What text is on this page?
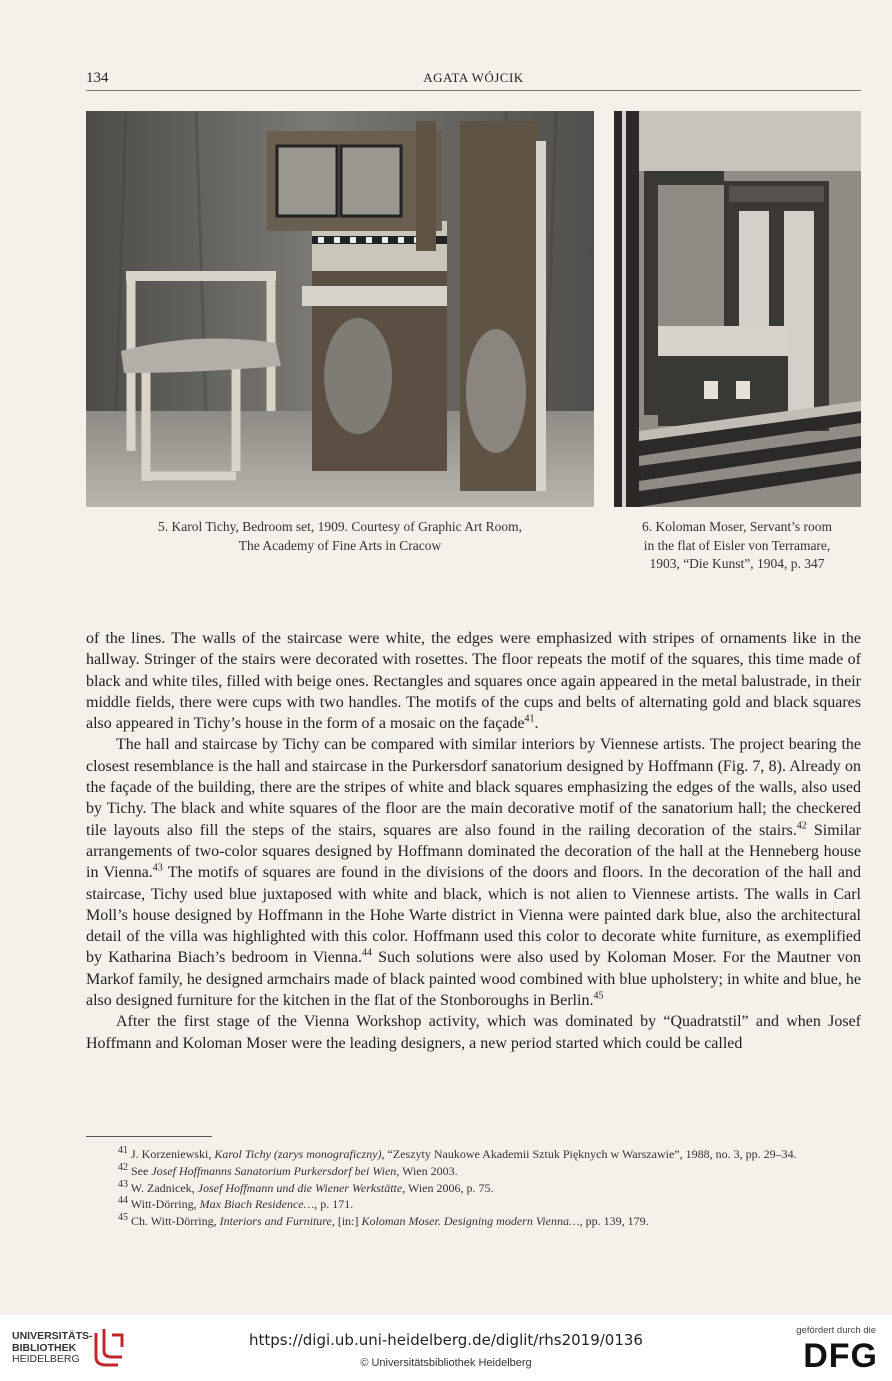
134	AGATA WÓJCIK
5. Karol Tichy, Bedroom set, 1909. Courtesy of Graphic Art Room,
The Academy of Fine Arts in Cracow
6. Koloman Moser, Servant’s room
in the flat of Eisler von Terramare,
1903, “Die Kunst”, 1904, p. 347

of the lines. The walls of the staircase were white, the edges were emphasized with stripes of ornaments like in the hallway. Stringer of the stairs were decorated with rosettes. The floor repeats the motif of the squares, this time made of black and white tiles, filled with beige ones. Rectangles and squares once again appeared in the metal balustrade, in their middle fields, there were cups with two handles. The motifs of the cups and belts of alternating gold and black squares also appeared in Tichy’s house in the form of a mosaic on the façade$^{41}$.

The hall and staircase by Tichy can be compared with similar interiors by Viennese artists. The project bearing the closest resemblance is the hall and staircase in the Purkersdorf sanatorium designed by Hoffmann (Fig. 7, 8). Already on the façade of the building, there are the stripes of white and black squares emphasizing the edges of the walls, also used by Tichy. The black and white squares of the floor are the main decorative motif of the sanatorium hall; the checkered tile layouts also fill the steps of the stairs, squares are also found in the railing decoration of the stairs.$^{42}$ Similar arrangements of two-color squares designed by Hoffmann dominated the decoration of the hall at the Henneberg house in Vienna.$^{43}$ The motifs of squares are found in the divisions of the doors and floors. In the decoration of the hall and staircase, Tichy used blue juxtaposed with white and black, which is not alien to Viennese artists. The walls in Carl Moll’s house designed by Hoffmann in the Hohe Warte district in Vienna were painted dark blue, also the architectural detail of the villa was highlighted with this color. Hoffmann used this color to decorate white furniture, as exemplified by Katharina Biach’s bedroom in Vienna.$^{44}$ Such solutions were also used by Koloman Moser. For the Mautner von Markof family, he designed armchairs made of black painted wood combined with blue upholstery; in white and blue, he also designed furniture for the kitchen in the flat of the Stonboroughs in Berlin.$^{45}$

After the first stage of the Vienna Workshop activity, which was dominated by “Quadratstil” and when Josef Hoffmann and Koloman Moser were the leading designers, a new period started which could be called

$^{41}$ J. Korzeniewski, Karol Tichy (zarys monograficzny), “Zeszyty Naukowe Akademii Sztuk Pięknych w Warszawie”, 1988, no. 3, pp. 29–34.

$^{42}$ See Josef Hoffmanns Sanatorium Purkersdorf bei Wien, Wien 2003.

$^{43}$ W. Zadnicek, Josef Hoffmann und die Wiener Werkstätte, Wien 2006, p. 75.

$^{44}$ Witt-Dörring, Max Biach Residence…, p. 171.

$^{45}$ Ch. Witt-Dörring, Interiors and Furniture, [in:] Koloman Moser. Designing modern Vienna…, pp. 139, 179.

UNIVERSITÄTS-
BIBLIOTHEK
HEIDELBERG
https://digi.ub.uni-heidelberg.de/diglit/rhs2019/0136
© Universitätsbibliothek Heidelberg
gefördert durch die
DFG
